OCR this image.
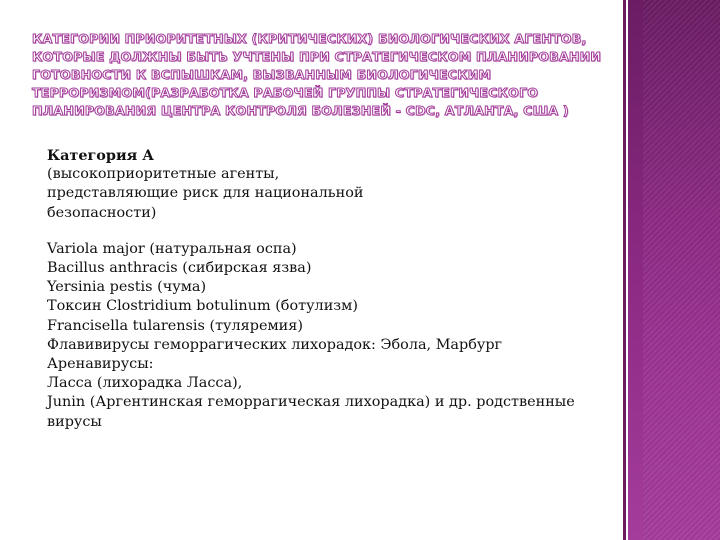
КАТЕГОРИИ ПРИОРИТЕТНЫХ (КРИТИЧЕСКИХ) БИОЛОГИЧЕСКИХ АГЕНТОВ, КОТОРЫЕ ДОЛЖНЫ БЫТЬ УЧТЕНЫ ПРИ СТРАТЕГИЧЕСКОМ ПЛАНИРОВАНИИ ГОТОВНОСТИ К ВСПЫШКАМ, ВЫЗВАННЫМ БИОЛОГИЧЕСКИМ ТЕРРОРИЗМОМ(РАЗРАБОТКА РАБОЧЕЙ ГРУППЫ СТРАТЕГИЧЕСКОГО ПЛАНИРОВАНИЯ ЦЕНТРА КОНТРОЛЯ БОЛЕЗНЕЙ - CDC, АТЛАНТА, США )

Категория А

(высокоприоритетные агенты,

представляющие риск для национальной

безопасности)

Variola major (натуральная оспа)

Bacillus anthracis (сибирская язва)

Yersinia pestis (чума)

Токсин Clostridium botulinum (ботулизм)

Francisella tularensis (туляремия)

Флавивирусы геморрагических лихорадок: Эбола, Марбург

Аренавирусы:

Ласса (лихорадка Ласса),

Junin (Аргентинская геморрагическая лихорадка) и др. родственные

вирусы
